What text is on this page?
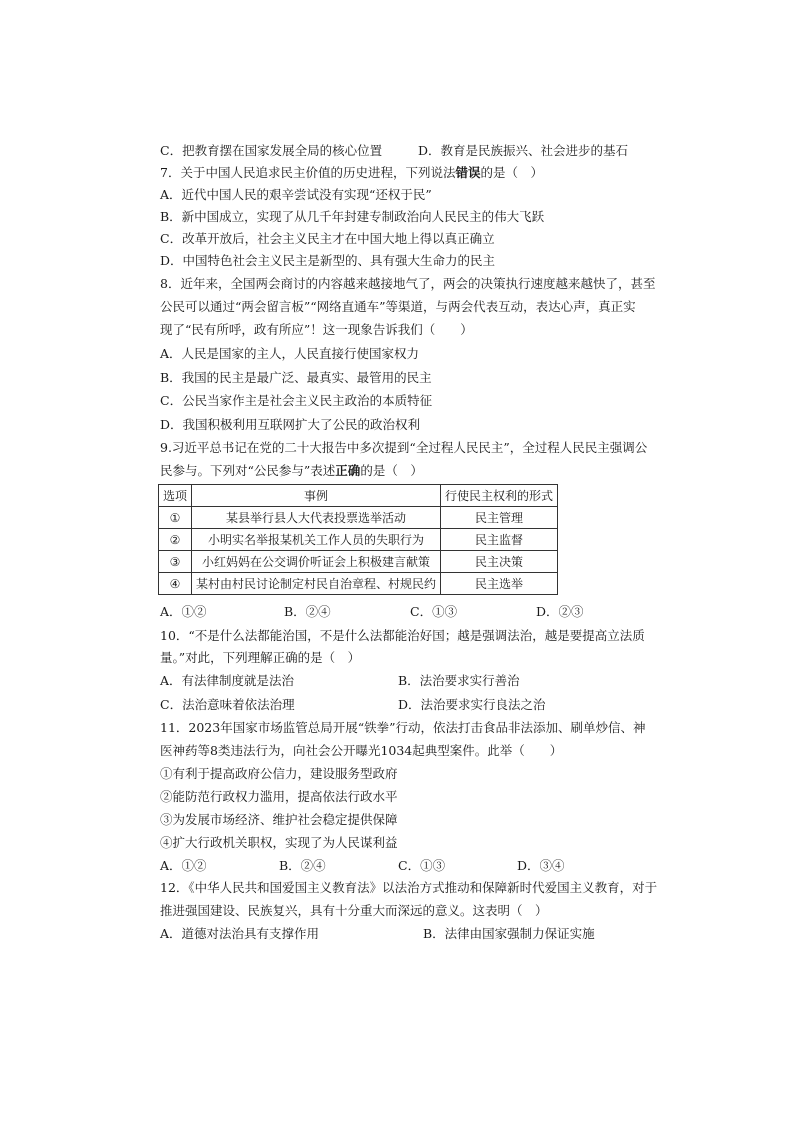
C．把教育摆在国家发展全局的核心位置	D．教育是民族振兴、社会进步的基石
7．关于中国人民追求民主价值的历史进程，下列说法错误的是（　）
A．近代中国人民的艰辛尝试没有实现“还权于民”
B．新中国成立，实现了从几千年封建专制政治向人民民主的伟大飞跃
C．改革开放后，社会主义民主才在中国大地上得以真正确立
D．中国特色社会主义民主是新型的、具有强大生命力的民主
8．近年来，全国两会商讨的内容越来越接地气了，两会的决策执行速度越来越快了，甚至
公民可以通过“两会留言板”“网络直通车”等渠道，与两会代表互动，表达心声，真正实
现了“民有所呼，政有所应”！这一现象告诉我们（　　）
A．人民是国家的主人，人民直接行使国家权力
B．我国的民主是最广泛、最真实、最管用的民主
C．公民当家作主是社会主义民主政治的本质特征
D．我国积极利用互联网扩大了公民的政治权利
9.习近平总书记在党的二十大报告中多次提到“全过程人民民主”，全过程人民民主强调公
民参与。下列对“公民参与”表述正确的是（　）
选项	事例	行使民主权利的形式
①	某县举行县人大代表投票选举活动	民主管理
②	小明实名举报某机关工作人员的失职行为	民主监督
③	小红妈妈在公交调价听证会上积极建言献策	民主决策
④	某村由村民讨论制定村民自治章程、村规民约	民主选举
A．①②	B．②④	C．①③	D．②③
10．“不是什么法都能治国，不是什么法都能治好国；越是强调法治，越是要提高立法质
量。”对此，下列理解正确的是（　）
A．有法律制度就是法治	B．法治要求实行善治
C．法治意味着依法治理	D．法治要求实行良法之治
11．2023年国家市场监管总局开展“铁拳”行动，依法打击食品非法添加、刷单炒信、神
医神药等8类违法行为，向社会公开曝光1034起典型案件。此举（　　）
①有利于提高政府公信力，建设服务型政府
②能防范行政权力滥用，提高依法行政水平
③为发展市场经济、维护社会稳定提供保障
④扩大行政机关职权，实现了为人民谋利益
A．①②	B．②④	C．①③	D．③④
12．《中华人民共和国爱国主义教育法》以法治方式推动和保障新时代爱国主义教育，对于
推进强国建设、民族复兴，具有十分重大而深远的意义。这表明（　）
A．道德对法治具有支撑作用	B．法律由国家强制力保证实施
